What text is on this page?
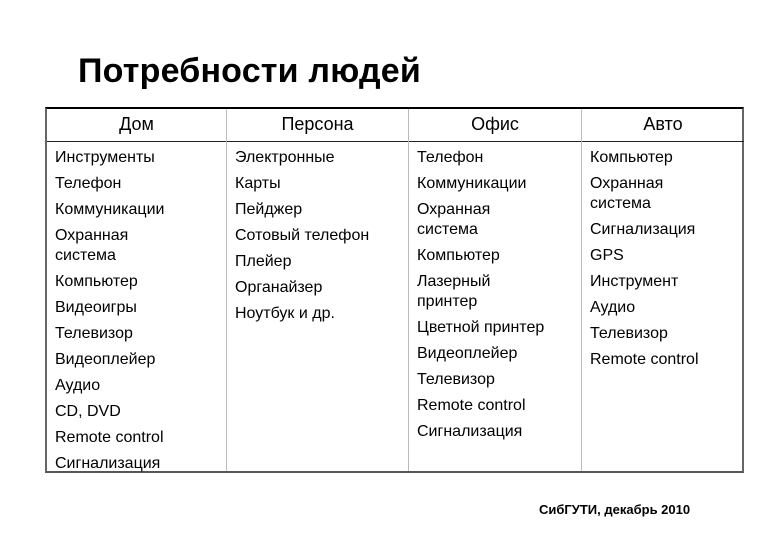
Потребности людей
Дом
Инструменты
Телефон
Коммуникации
Охранная
система
Компьютер
Видеоигры
Телевизор
Видеоплейер
Аудио
CD, DVD
Remote control
Сигнализация
Персона
Электронные
Карты
Пейджер
Сотовый телефон
Плейер
Органайзер
Ноутбук и др.
Офис
Телефон
Коммуникации
Охранная
система
Компьютер
Лазерный
принтер
Цветной принтер
Видеоплейер
Телевизор
Remote control
Сигнализация
Авто
Компьютер
Охранная
система
Сигнализация
GPS
Инструмент
Аудио
Телевизор
Remote control
СибГУТИ, декабрь 2010
